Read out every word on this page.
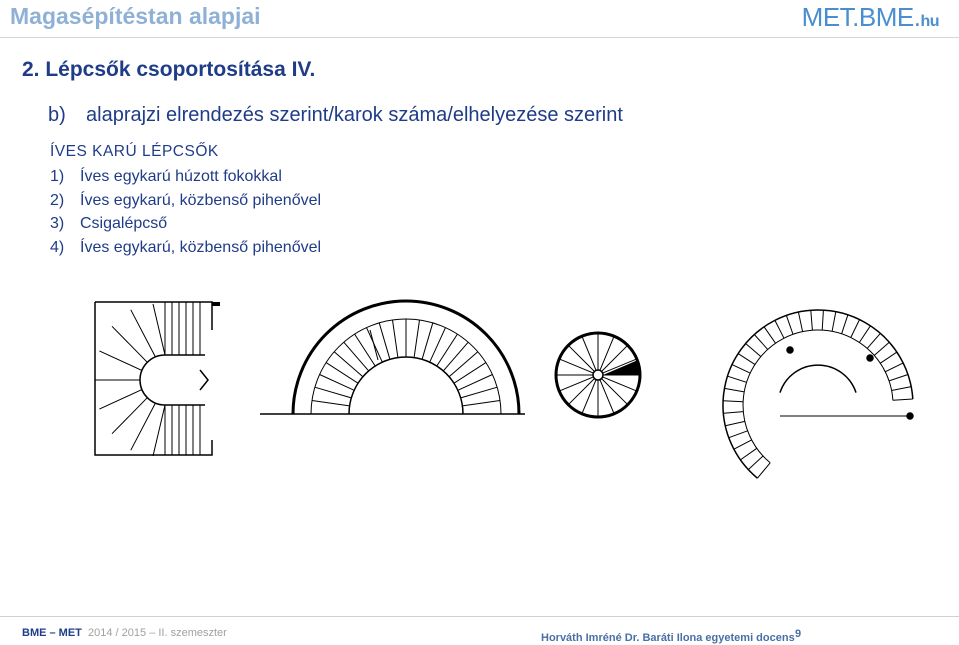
Magasépítéstan alapjai	MET.BME.hu
2. Lépcsők csoportosítása IV.
b) alaprajzi elrendezés szerint/karok száma/elhelyezése szerint
ÍVES KARÚ LÉPCSŐK
1) Íves egykarú húzott fokokkal
2) Íves egykarú, közbenső pihenővel
3) Csigalépcső
4) Íves egykarú, közbenső pihenővel
BME – MET 2014 / 2015 – II. szemeszter	Horváth Imréné Dr. Baráti Ilona egyetemi docens 9
